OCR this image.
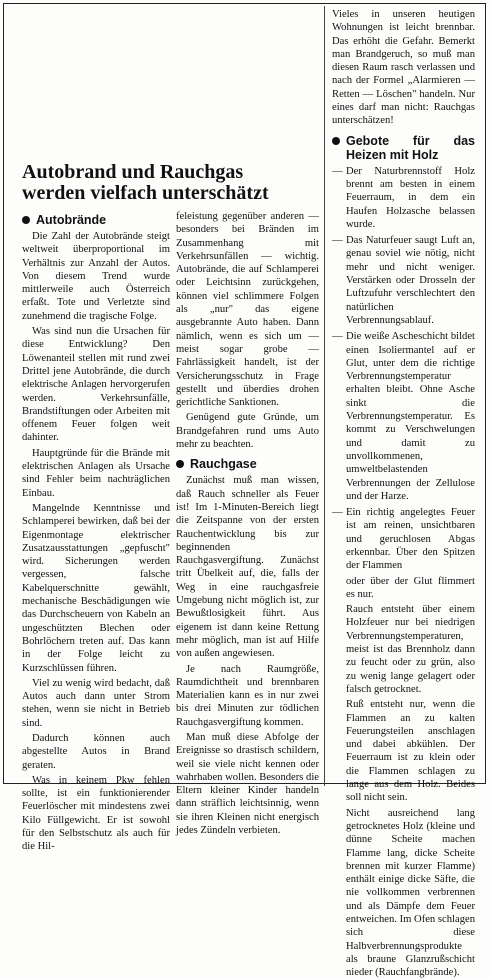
Autobrand und Rauchgas werden vielfach unterschätzt
Autobrände

Die Zahl der Autobrände steigt weltweit überproportional im Verhältnis zur Anzahl der Autos. Von diesem Trend wurde mittlerweile auch Österreich erfaßt. Tote und Verletzte sind zunehmend die tragische Folge.

Was sind nun die Ursachen für diese Entwicklung? Den Löwenanteil stellen mit rund zwei Drittel jene Autobrände, die durch elektrische Anlagen hervorgerufen werden. Verkehrsunfälle, Brandstiftungen oder Arbeiten mit offenem Feuer folgen weit dahinter.

Hauptgründe für die Brände mit elektrischen Anlagen als Ursache sind Fehler beim nachträglichen Einbau.

Mangelnde Kenntnisse und Schlamperei bewirken, daß bei der Eigenmontage elektrischer Zusatzausstattungen „gepfuscht" wird. Sicherungen werden vergessen, falsche Kabelquerschnitte gewählt, mechanische Beschädigungen wie das Durchscheuern von Kabeln an ungeschützten Blechen oder Bohrlöchern treten auf. Das kann in der Folge leicht zu Kurzschlüssen führen.

Viel zu wenig wird bedacht, daß Autos auch dann unter Strom stehen, wenn sie nicht in Betrieb sind.

Dadurch können auch abgestellte Autos in Brand geraten.

Was in keinem Pkw fehlen sollte, ist ein funktionierender Feuerlöscher mit mindestens zwei Kilo Füllgewicht. Er ist sowohl für den Selbstschutz als auch für die Hil-

feleistung gegenüber anderen — besonders bei Bränden im Zusammenhang mit Verkehrsunfällen — wichtig. Autobrände, die auf Schlamperei oder Leichtsinn zurückgehen, können viel schlimmere Folgen als „nur" das eigene ausgebrannte Auto haben. Dann nämlich, wenn es sich um — meist sogar grobe — Fahrlässigkeit handelt, ist der Versicherungsschutz in Frage gestellt und überdies drohen gerichtliche Sanktionen.

Genügend gute Gründe, um Brandgefahren rund ums Auto mehr zu beachten.

Rauchgase

Zunächst muß man wissen, daß Rauch schneller als Feuer ist! Im 1-Minuten-Bereich liegt die Zeitspanne von der ersten Rauchentwicklung bis zur beginnenden Rauchgasvergiftung. Zunächst tritt Übelkeit auf, die, falls der Weg in eine rauchgasfreie Umgebung nicht möglich ist, zur Bewußtlosigkeit führt. Aus eigenem ist dann keine Rettung mehr möglich, man ist auf Hilfe von außen angewiesen.

Je nach Raumgröße, Raumdichtheit und brennbaren Materialien kann es in nur zwei bis drei Minuten zur tödlichen Rauchgasvergiftung kommen.

Man muß diese Abfolge der Ereignisse so drastisch schildern, weil sie viele nicht kennen oder wahrhaben wollen. Besonders die Eltern kleiner Kinder handeln dann sträflich leichtsinnig, wenn sie ihren Kleinen nicht energisch jedes Zündeln verbieten.

Vieles in unseren heutigen Wohnungen ist leicht brennbar. Das erhöht die Gefahr. Bemerkt man Brandgeruch, so muß man diesen Raum rasch verlassen und nach der Formel „Alarmieren — Retten — Löschen" handeln. Nur eines darf man nicht: Rauchgas unterschätzen!

Gebote für das Heizen mit Holz
— Der Naturbrennstoff Holz brennt am besten in einem Feuerraum, in dem ein Haufen Holzasche belassen wurde.
— Das Naturfeuer saugt Luft an, genau soviel wie nötig, nicht mehr und nicht weniger. Verstärken oder Drosseln der Luftzufuhr verschlechtert den natürlichen Verbrennungsablauf.
— Die weiße Ascheschicht bildet einen Isoliermantel auf er Glut, unter dem die richtige Verbrennungstemperatur erhalten bleibt. Ohne Asche sinkt die Verbrennungstemperatur. Es kommt zu Verschwelungen und damit zu unvollkommenen, umweltbelastenden Verbrennungen der Zellulose und der Harze.
— Ein richtig angelegtes Feuer ist am reinen, unsichtbaren und geruchlosen Abgas erkennbar. Über den Spitzen der Flammen

oder über der Glut flimmert es nur.

Rauch entsteht über einem Holzfeuer nur bei niedrigen Verbrennungstemperaturen, meist ist das Brennholz dann zu feucht oder zu grün, also zu wenig lange gelagert oder falsch getrocknet.

Ruß entsteht nur, wenn die Flammen an zu kalten Feuerungsteilen anschlagen und dabei abkühlen. Der Feuerraum ist zu klein oder die Flammen schlagen zu lange aus dem Holz. Beides soll nicht sein.

Nicht ausreichend lang getrocknetes Holz (kleine und dünne Scheite machen Flamme lang, dicke Scheite brennen mit kurzer Flamme) enthält einige dicke Säfte, die nie vollkommen verbrennen und als Dämpfe dem Feuer entweichen. Im Ofen schlagen sich diese Halbverbrennungsprodukte als braune Glanzrußschicht nieder (Rauchfangbrände).
